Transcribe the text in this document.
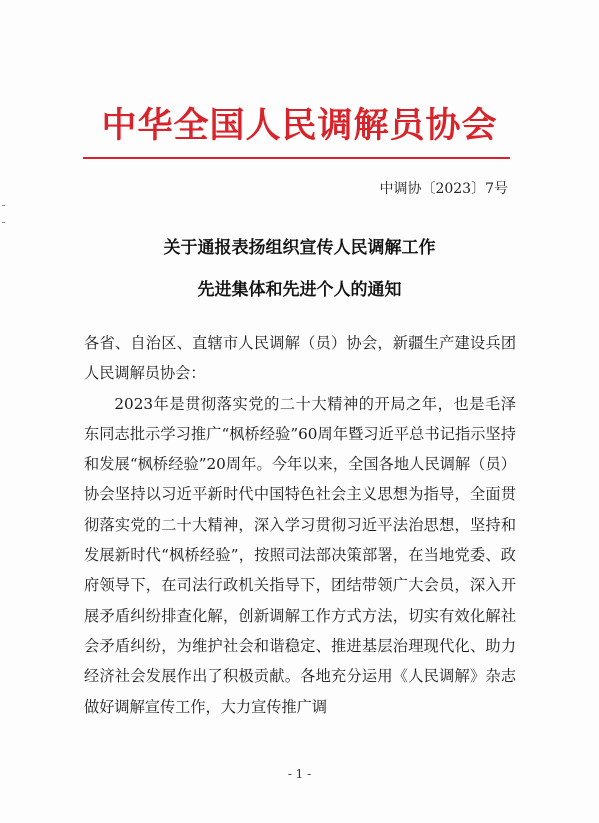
中华全国人民调解员协会
中调协〔2023〕7号
关于通报表扬组织宣传人民调解工作
先进集体和先进个人的通知

各省、自治区、直辖市人民调解（员）协会，新疆生产建设兵团人民调解员协会：

2023年是贯彻落实党的二十大精神的开局之年，也是毛泽东同志批示学习推广“枫桥经验”60周年暨习近平总书记指示坚持和发展“枫桥经验”20周年。今年以来，全国各地人民调解（员）协会坚持以习近平新时代中国特色社会主义思想为指导，全面贯彻落实党的二十大精神，深入学习贯彻习近平法治思想，坚持和发展新时代“枫桥经验”，按照司法部决策部署，在当地党委、政府领导下，在司法行政机关指导下，团结带领广大会员，深入开展矛盾纠纷排查化解，创新调解工作方式方法，切实有效化解社会矛盾纠纷，为维护社会和谐稳定、推进基层治理现代化、助力经济社会发展作出了积极贡献。各地充分运用《人民调解》杂志做好调解宣传工作，大力宣传推广调

- 1 -
